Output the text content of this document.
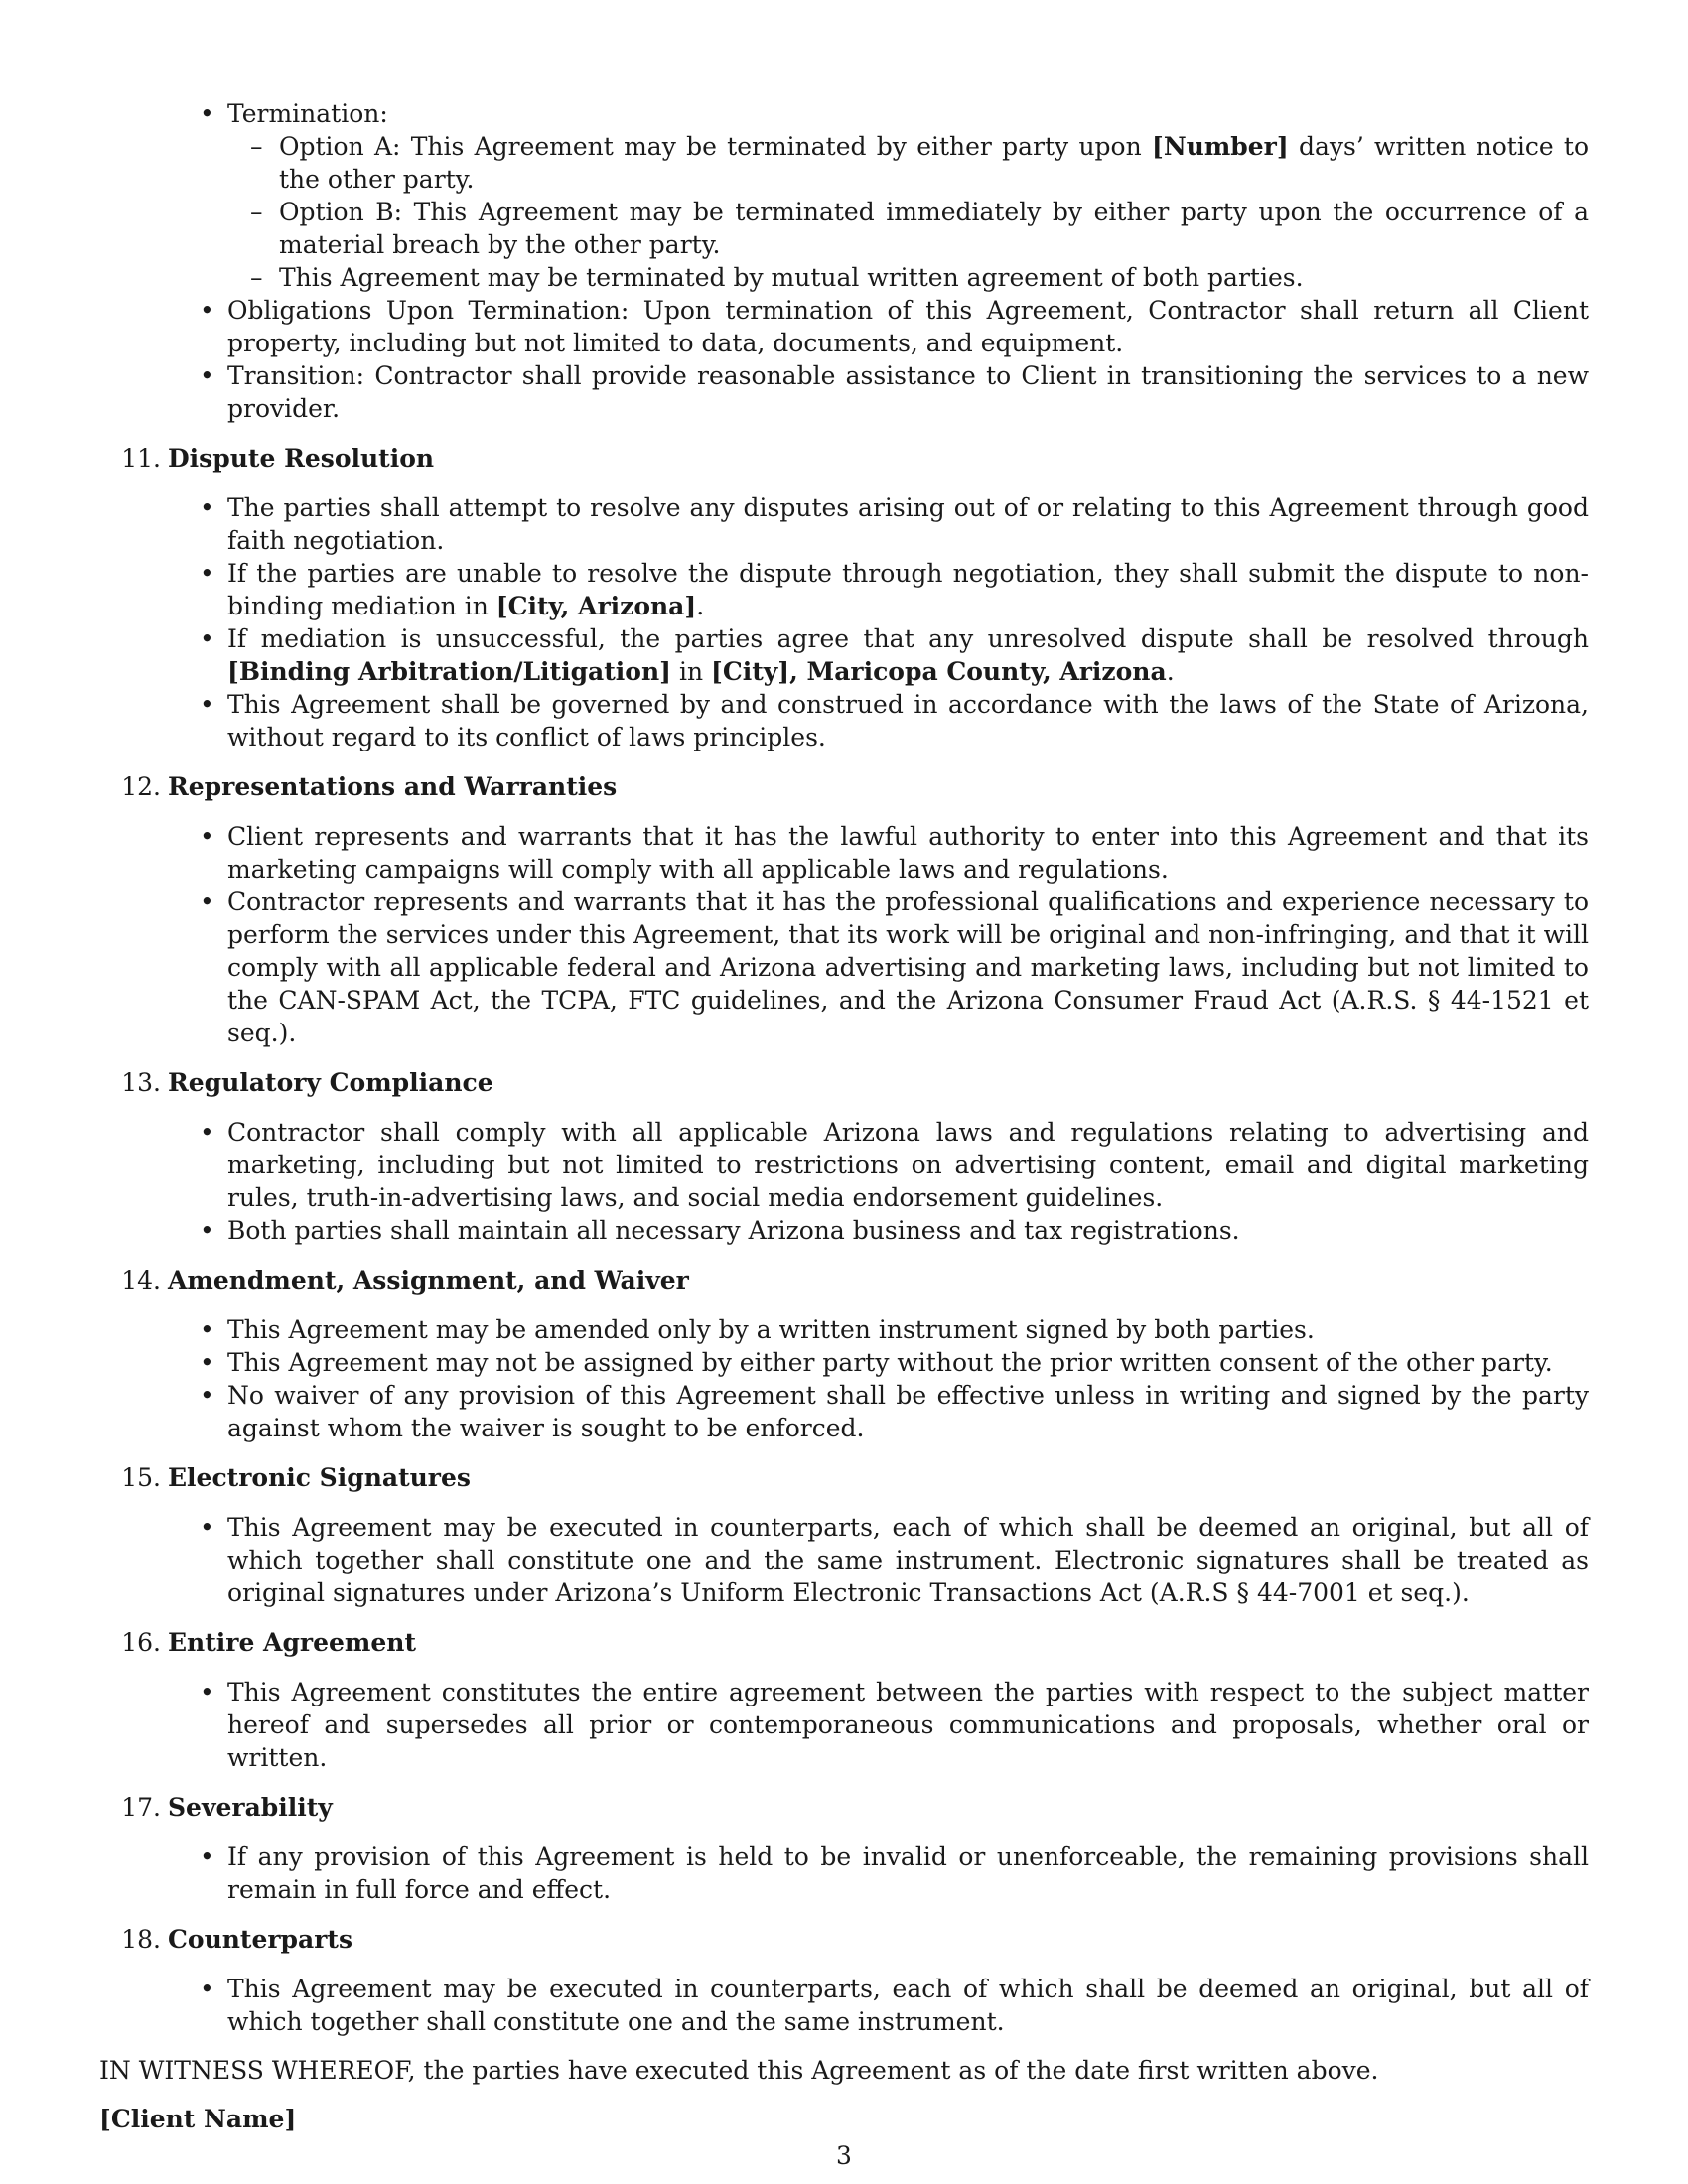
• Termination:

– Option A: This Agreement may be terminated by either party upon [Number] days’ written notice to the other party.

– Option B: This Agreement may be terminated immediately by either party upon the occurrence of a material breach by the other party.

– This Agreement may be terminated by mutual written agreement of both parties.

• Obligations Upon Termination: Upon termination of this Agreement, Contractor shall return all Client property, including but not limited to data, documents, and equipment.

• Transition: Contractor shall provide reasonable assistance to Client in transitioning the services to a new provider.

11. Dispute Resolution

• The parties shall attempt to resolve any disputes arising out of or relating to this Agreement through good faith negotiation.

• If the parties are unable to resolve the dispute through negotiation, they shall submit the dispute to non-binding mediation in [City, Arizona].

• If mediation is unsuccessful, the parties agree that any unresolved dispute shall be resolved through [Binding Arbitration/Litigation] in [City], Maricopa County, Arizona.

• This Agreement shall be governed by and construed in accordance with the laws of the State of Arizona, without regard to its conflict of laws principles.

12. Representations and Warranties

• Client represents and warrants that it has the lawful authority to enter into this Agreement and that its marketing campaigns will comply with all applicable laws and regulations.

• Contractor represents and warrants that it has the professional qualifications and experience necessary to perform the services under this Agreement, that its work will be original and non-infringing, and that it will comply with all applicable federal and Arizona advertising and marketing laws, including but not limited to the CAN-SPAM Act, the TCPA, FTC guidelines, and the Arizona Consumer Fraud Act (A.R.S. § 44-1521 et seq.).

13. Regulatory Compliance

• Contractor shall comply with all applicable Arizona laws and regulations relating to advertising and marketing, including but not limited to restrictions on advertising content, email and digital marketing rules, truth-in-advertising laws, and social media endorsement guidelines.

• Both parties shall maintain all necessary Arizona business and tax registrations.

14. Amendment, Assignment, and Waiver

• This Agreement may be amended only by a written instrument signed by both parties.

• This Agreement may not be assigned by either party without the prior written consent of the other party.

• No waiver of any provision of this Agreement shall be effective unless in writing and signed by the party against whom the waiver is sought to be enforced.

15. Electronic Signatures

• This Agreement may be executed in counterparts, each of which shall be deemed an original, but all of which together shall constitute one and the same instrument. Electronic signatures shall be treated as original signatures under Arizona’s Uniform Electronic Transactions Act (A.R.S § 44-7001 et seq.).

16. Entire Agreement

• This Agreement constitutes the entire agreement between the parties with respect to the subject matter hereof and supersedes all prior or contemporaneous communications and proposals, whether oral or written.

17. Severability

• If any provision of this Agreement is held to be invalid or unenforceable, the remaining provisions shall remain in full force and effect.

18. Counterparts

• This Agreement may be executed in counterparts, each of which shall be deemed an original, but all of which together shall constitute one and the same instrument.

IN WITNESS WHEREOF, the parties have executed this Agreement as of the date first written above.

[Client Name]

3
